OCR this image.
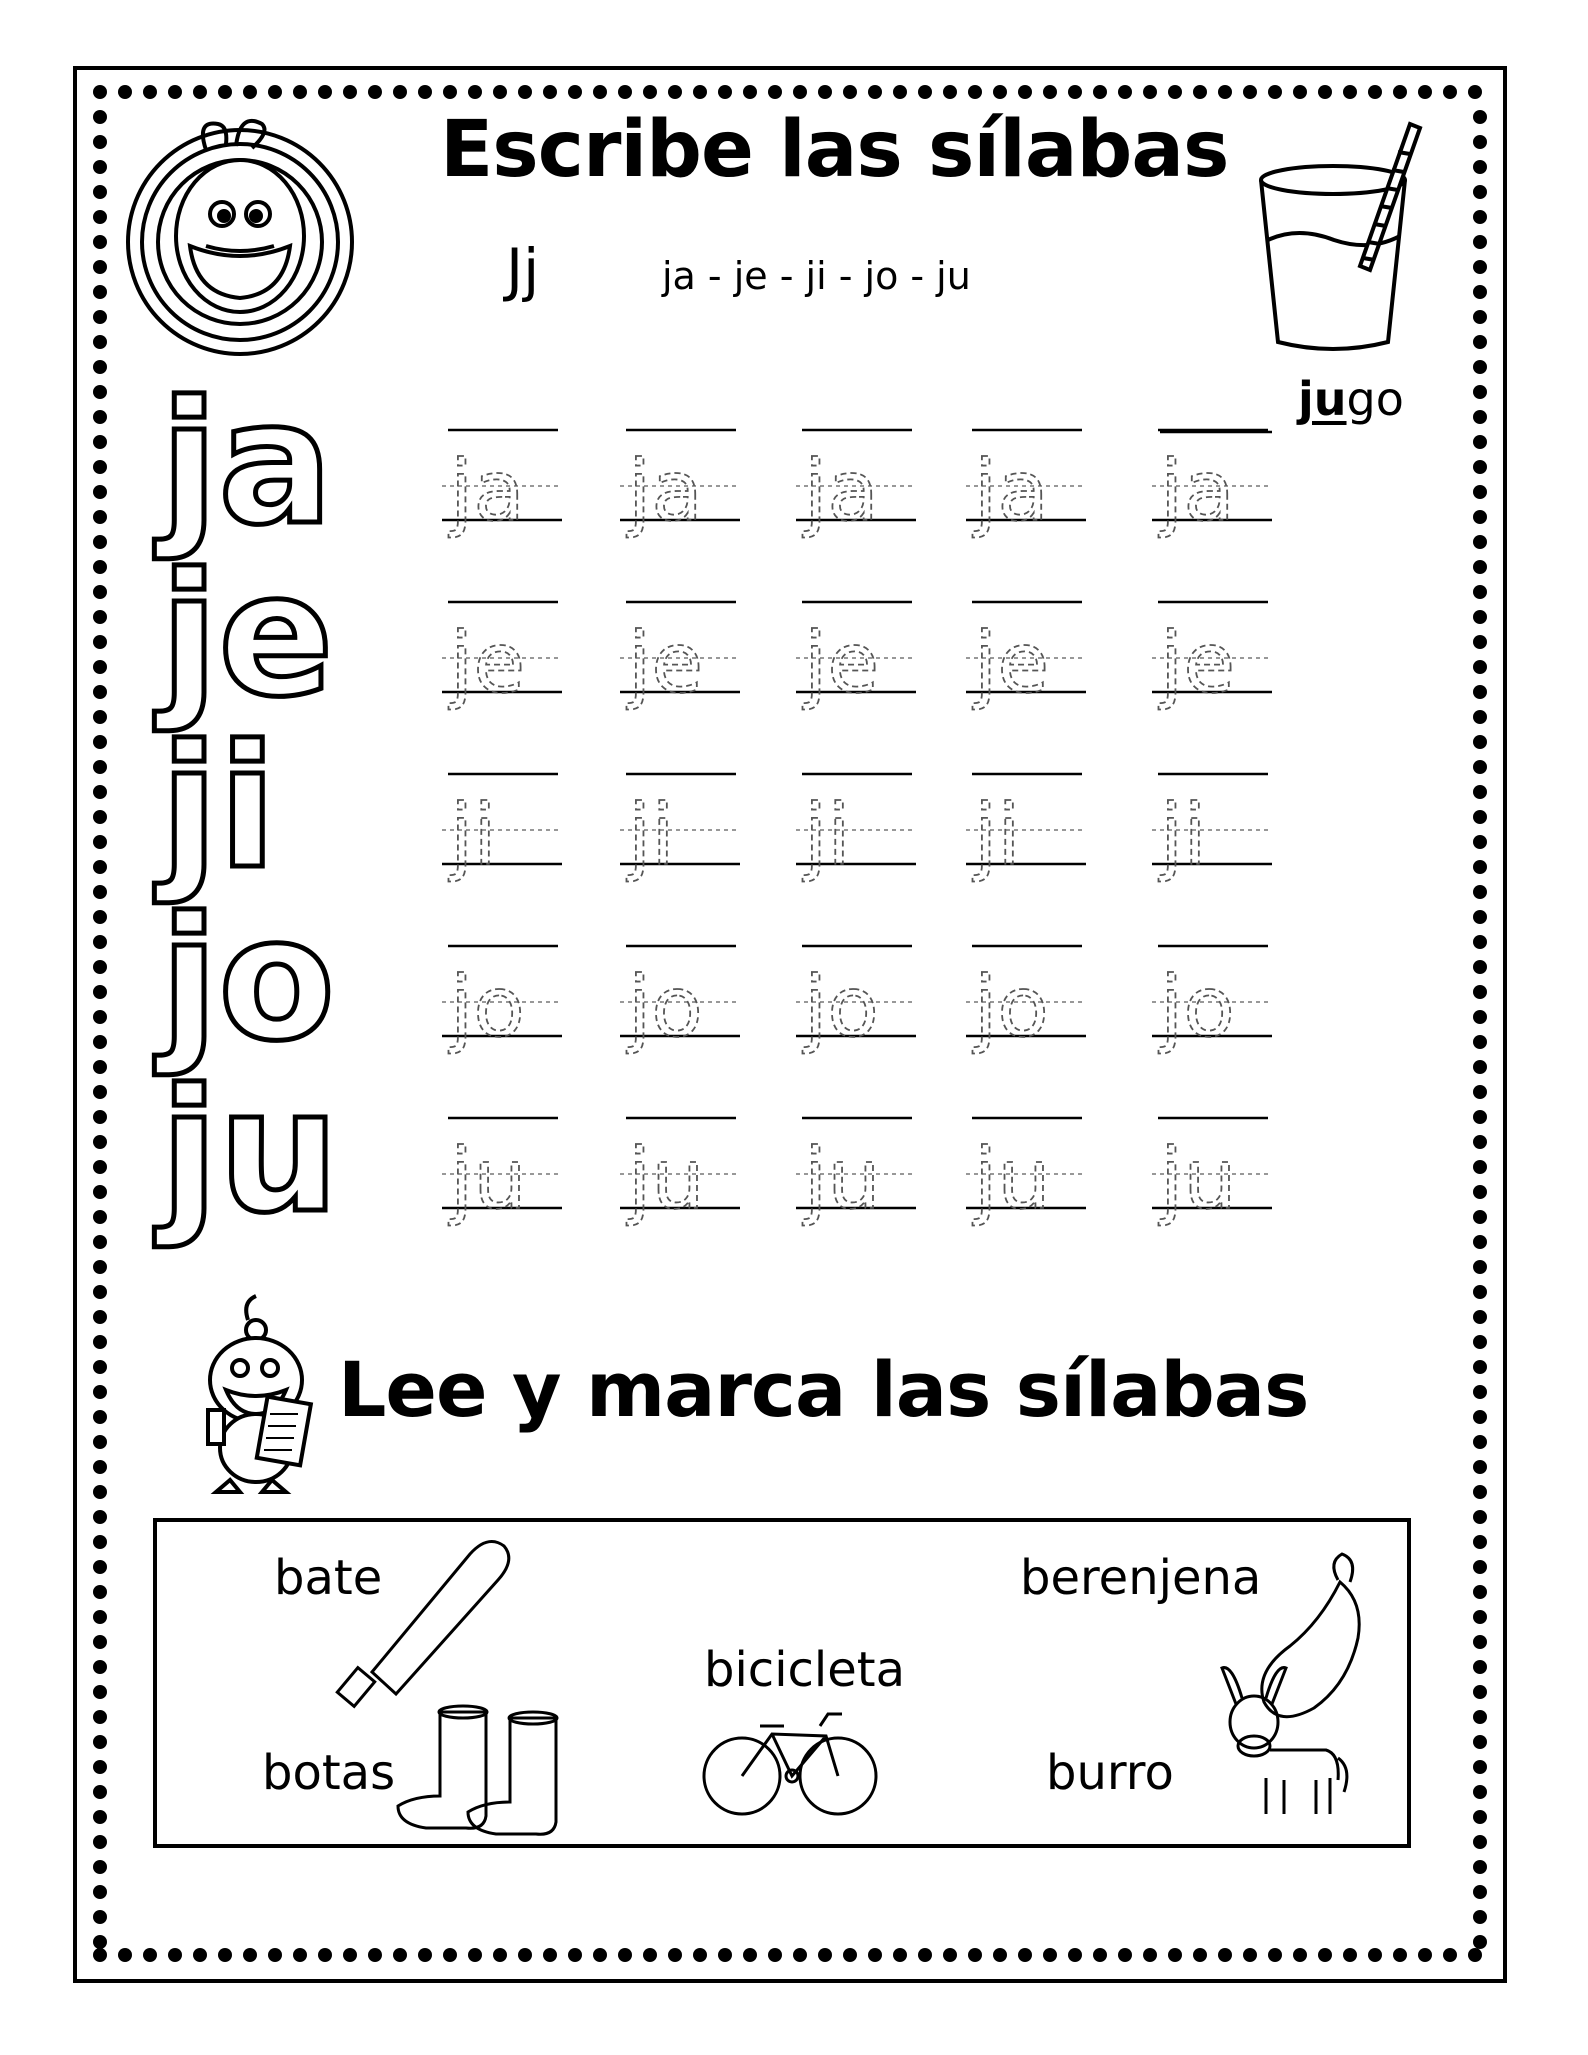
ja ja ja ja ja ja
je je je je je je
ji ji ji ji ji ji
jo jo jo jo jo jo
ju ju ju ju ju ju
Escribe las sílabas
Jj	ja - je - ji - jo - ju
jugo
Lee y marca las sílabas
bate	berenjena
bicicleta
botas	burro
